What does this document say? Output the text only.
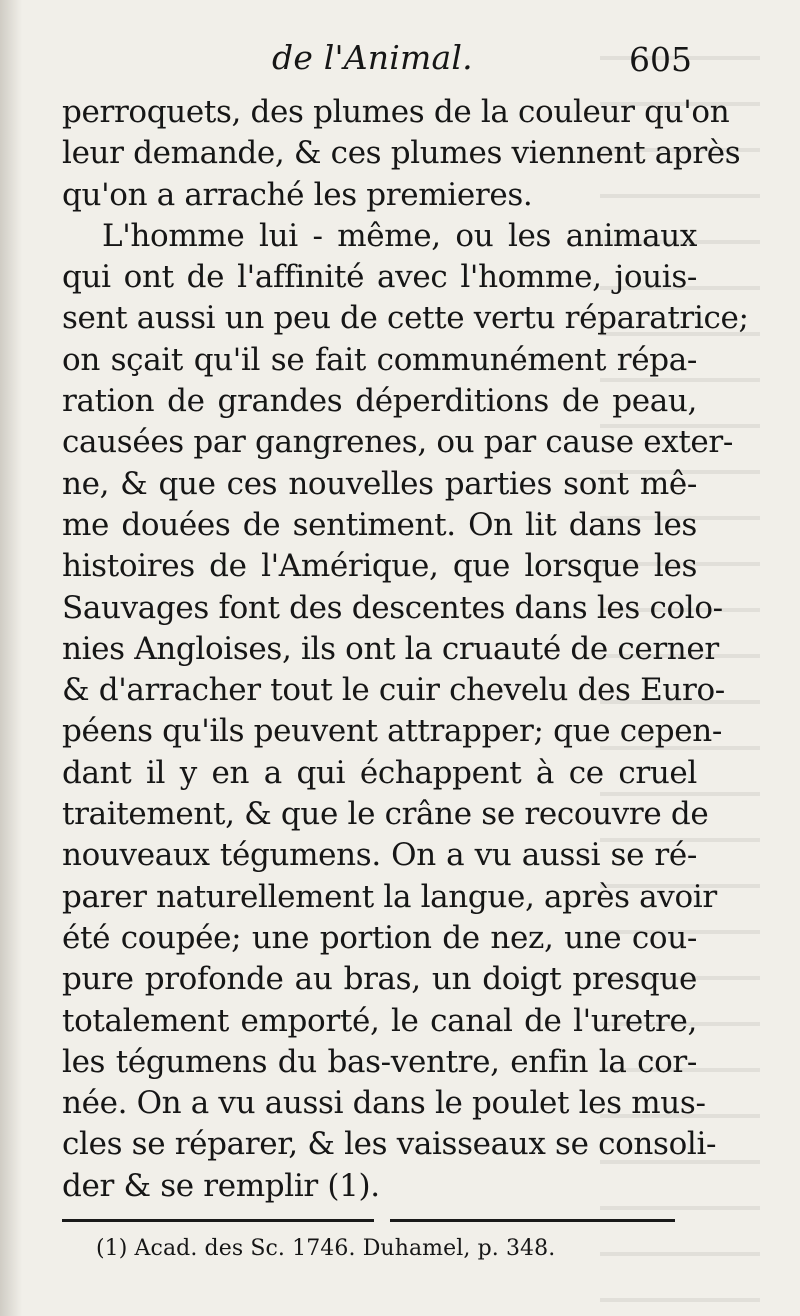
de l'Animal.	605
perroquets, des plumes de la couleur qu'on
leur demande, & ces plumes viennent après
qu'on a arraché les premieres.
L'homme lui - même, ou les animaux
qui ont de l'affinité avec l'homme, jouis-
sent aussi un peu de cette vertu réparatrice;
on sçait qu'il se fait communément répa-
ration de grandes déperditions de peau,
causées par gangrenes, ou par cause exter-
ne, & que ces nouvelles parties sont mê-
me douées de sentiment. On lit dans les
histoires de l'Amérique, que lorsque les
Sauvages font des descentes dans les colo-
nies Angloises, ils ont la cruauté de cerner
& d'arracher tout le cuir chevelu des Euro-
péens qu'ils peuvent attrapper; que cepen-
dant il y en a qui échappent à ce cruel
traitement, & que le crâne se recouvre de
nouveaux tégumens. On a vu aussi se ré-
parer naturellement la langue, après avoir
été coupée; une portion de nez, une cou-
pure profonde au bras, un doigt presque
totalement emporté, le canal de l'uretre,
les tégumens du bas-ventre, enfin la cor-
née. On a vu aussi dans le poulet les mus-
cles se réparer, & les vaisseaux se consoli-
der & se remplir (1).
(1) Acad. des Sc. 1746. Duhamel, p. 348.
